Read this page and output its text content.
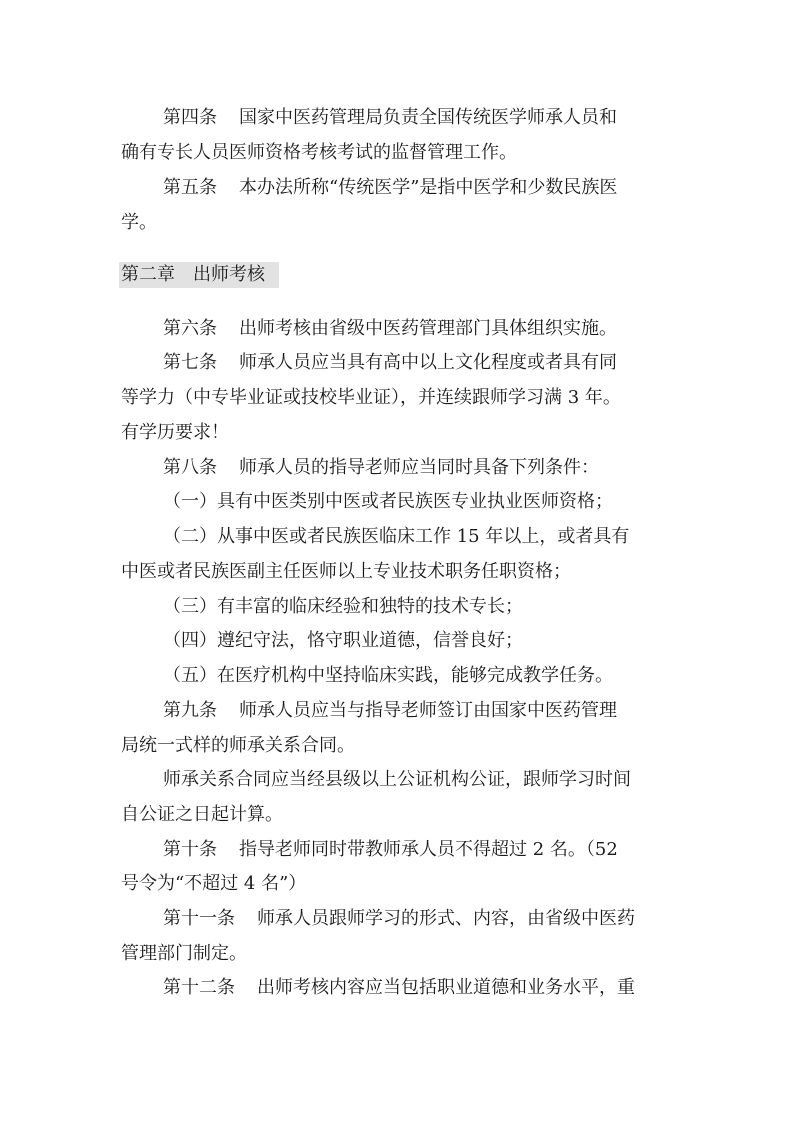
第四条 国家中医药管理局负责全国传统医学师承人员和
确有专长人员医师资格考核考试的监督管理工作。
第五条 本办法所称“传统医学”是指中医学和少数民族医
学。
第二章 出师考核
第六条 出师考核由省级中医药管理部门具体组织实施。
第七条 师承人员应当具有高中以上文化程度或者具有同
等学力（中专毕业证或技校毕业证），并连续跟师学习满 3 年。
有学历要求！
第八条 师承人员的指导老师应当同时具备下列条件：
（一）具有中医类别中医或者民族医专业执业医师资格；
（二）从事中医或者民族医临床工作 15 年以上，或者具有
中医或者民族医副主任医师以上专业技术职务任职资格；
（三）有丰富的临床经验和独特的技术专长；
（四）遵纪守法，恪守职业道德，信誉良好；
（五）在医疗机构中坚持临床实践，能够完成教学任务。
第九条 师承人员应当与指导老师签订由国家中医药管理
局统一式样的师承关系合同。
师承关系合同应当经县级以上公证机构公证，跟师学习时间
自公证之日起计算。
第十条 指导老师同时带教师承人员不得超过 2 名。（52
号令为“不超过 4 名”）
第十一条 师承人员跟师学习的形式、内容，由省级中医药
管理部门制定。
第十二条 出师考核内容应当包括职业道德和业务水平，重
